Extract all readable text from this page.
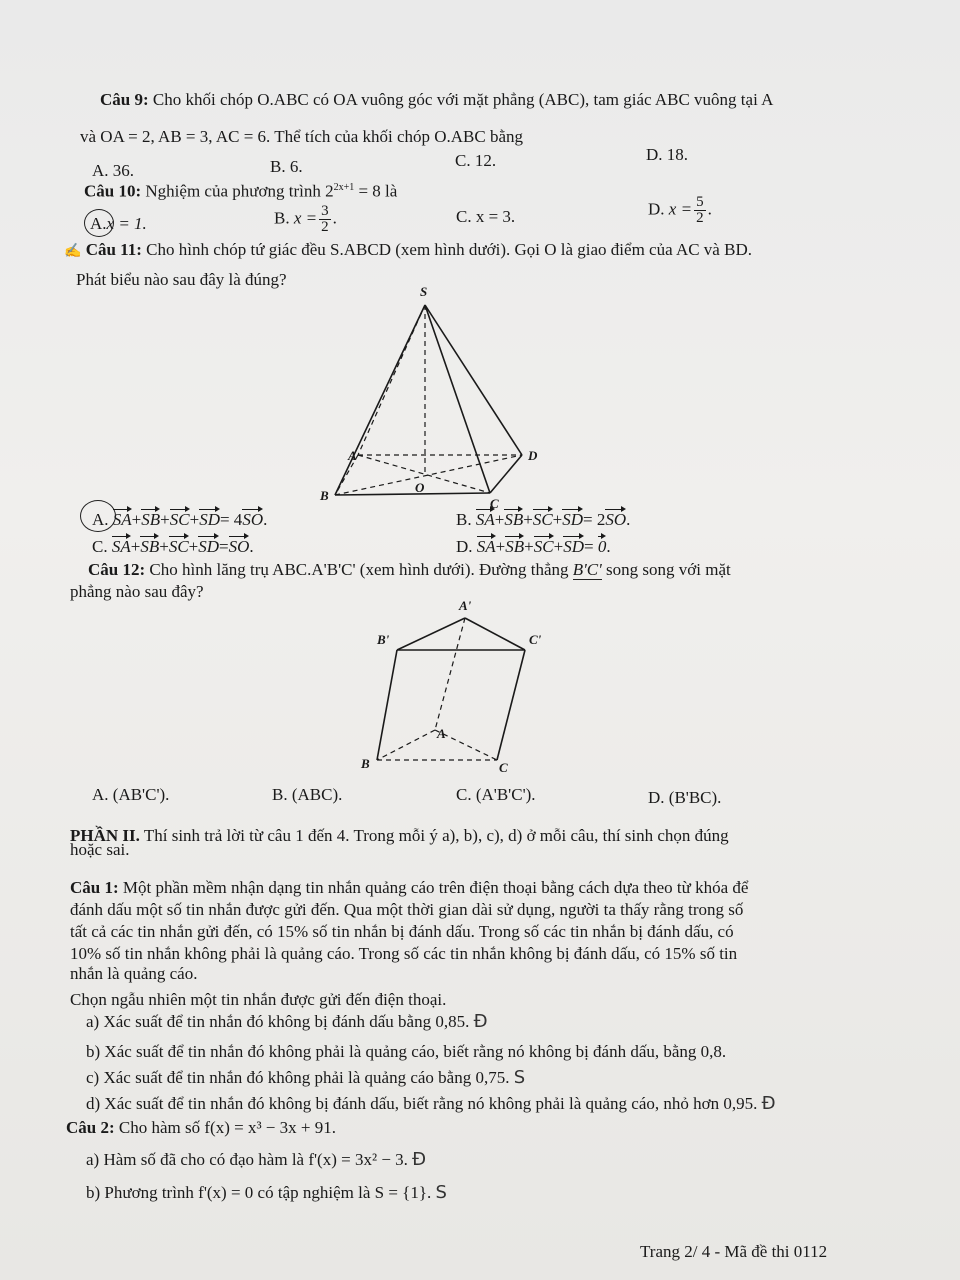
Câu 9: Cho khối chóp O.ABC có OA vuông góc với mặt phẳng (ABC), tam giác ABC vuông tại A
và OA = 2, AB = 3, AC = 6. Thể tích của khối chóp O.ABC bằng
A. 36.	B. 6.	C. 12.	D. 18.
Câu 10: Nghiệm của phương trình $2^{2x+1} = 8$ là
A.x = 1.	B. $x = \frac{3}{2}$ .	C. x = 3.	D. $x = \frac{5}{2}$ .
✍ Câu 11: Cho hình chóp tứ giác đều S.ABCD (xem hình dưới). Gọi O là giao điểm của AC và BD.
Phát biểu nào sau đây là đúng?
S
A
B
C
D
O
A. SA+SB+SC+SD= 4SO.	B. SA+SB+SC+SD= 2SO.
C. SA+SB+SC+SD=SO.	D. SA+SB+SC+SD= 0.
Câu 12: Cho hình lăng trụ ABC.A'B'C' (xem hình dưới). Đường thẳng B'C' song song với mặt
phẳng nào sau đây?
A'
B'	C'
A
B	C
A. (AB'C').	B. (ABC).	C. (A'B'C').	D. (B'BC).
PHẦN II. Thí sinh trả lời từ câu 1 đến 4. Trong mỗi ý a), b), c), d) ở mỗi câu, thí sinh chọn đúng
hoặc sai.
Câu 1: Một phần mềm nhận dạng tin nhắn quảng cáo trên điện thoại bằng cách dựa theo từ khóa để
đánh dấu một số tin nhắn được gửi đến. Qua một thời gian dài sử dụng, người ta thấy rằng trong số
tất cả các tin nhắn gửi đến, có 15% số tin nhắn bị đánh dấu. Trong số các tin nhắn bị đánh dấu, có
10% số tin nhắn không phải là quảng cáo. Trong số các tin nhắn không bị đánh dấu, có 15% số tin
nhắn là quảng cáo.
Chọn ngẫu nhiên một tin nhắn được gửi đến điện thoại.
a) Xác suất để tin nhắn đó không bị đánh dấu bằng 0,85. Đ
b) Xác suất để tin nhắn đó không phải là quảng cáo, biết rằng nó không bị đánh dấu, bằng 0,8.
c) Xác suất để tin nhắn đó không phải là quảng cáo bằng 0,75. S
d) Xác suất để tin nhắn đó không bị đánh dấu, biết rằng nó không phải là quảng cáo, nhỏ hơn 0,95. Đ
Câu 2: Cho hàm số f(x) = x³ − 3x + 91.
a) Hàm số đã cho có đạo hàm là f'(x) = 3x² − 3. Đ
b) Phương trình f'(x) = 0 có tập nghiệm là S = {1}. S
Trang 2/ 4 - Mã đề thi 0112
